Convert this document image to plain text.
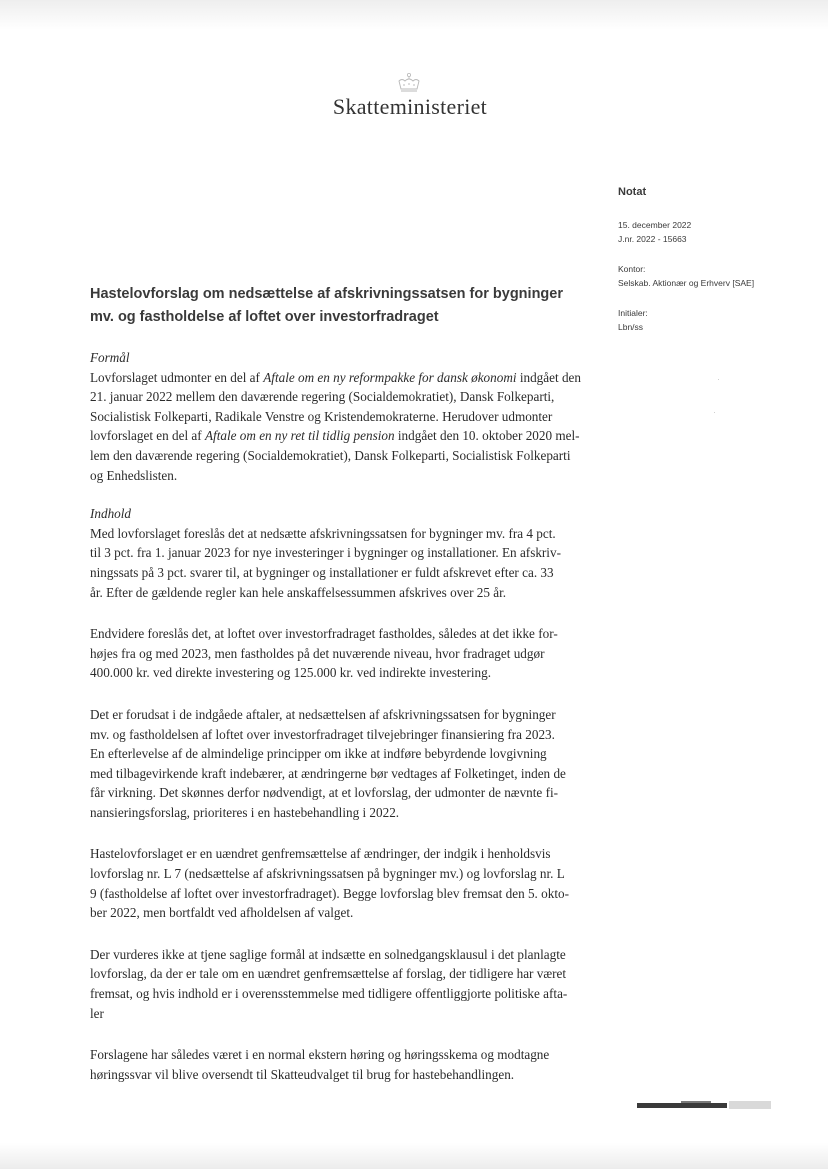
Skatteministeriet
Notat
15. december 2022
J.nr. 2022 - 15663
Kontor:
Selskab. Aktionær og Erhverv [SAE]
Initialer:
Lbn/ss
Hastelovforslag om nedsættelse af afskrivningssatsen for bygninger
mv. og fastholdelse af loftet over investorfradraget
Formål
Lovforslaget udmonter en del af Aftale om en ny reformpakke for dansk økonomi indgået den
21. januar 2022 mellem den daværende regering (Socialdemokratiet), Dansk Folkeparti,
Socialistisk Folkeparti, Radikale Venstre og Kristendemokraterne. Herudover udmonter
lovforslaget en del af Aftale om en ny ret til tidlig pension indgået den 10. oktober 2020 mel-
lem den daværende regering (Socialdemokratiet), Dansk Folkeparti, Socialistisk Folkeparti
og Enhedslisten.
Indhold
Med lovforslaget foreslås det at nedsætte afskrivningssatsen for bygninger mv. fra 4 pct.
til 3 pct. fra 1. januar 2023 for nye investeringer i bygninger og installationer. En afskriv-
ningssats på 3 pct. svarer til, at bygninger og installationer er fuldt afskrevet efter ca. 33
år. Efter de gældende regler kan hele anskaffelsessummen afskrives over 25 år.
Endvidere foreslås det, at loftet over investorfradraget fastholdes, således at det ikke for-
højes fra og med 2023, men fastholdes på det nuværende niveau, hvor fradraget udgør
400.000 kr. ved direkte investering og 125.000 kr. ved indirekte investering.
Det er forudsat i de indgåede aftaler, at nedsættelsen af afskrivningssatsen for bygninger
mv. og fastholdelsen af loftet over investorfradraget tilvejebringer finansiering fra 2023.
En efterlevelse af de almindelige principper om ikke at indføre bebyrdende lovgivning
med tilbagevirkende kraft indebærer, at ændringerne bør vedtages af Folketinget, inden de
får virkning. Det skønnes derfor nødvendigt, at et lovforslag, der udmonter de nævnte fi-
nansieringsforslag, prioriteres i en hastebehandling i 2022.
Hastelovforslaget er en uændret genfremsættelse af ændringer, der indgik i henholdsvis
lovforslag nr. L 7 (nedsættelse af afskrivningssatsen på bygninger mv.) og lovforslag nr. L
9 (fastholdelse af loftet over investorfradraget). Begge lovforslag blev fremsat den 5. okto-
ber 2022, men bortfaldt ved afholdelsen af valget.
Der vurderes ikke at tjene saglige formål at indsætte en solnedgangsklausul i det planlagte
lovforslag, da der er tale om en uændret genfremsættelse af forslag, der tidligere har været
fremsat, og hvis indhold er i overensstemmelse med tidligere offentliggjorte politiske afta-
ler
Forslagene har således været i en normal ekstern høring og høringsskema og modtagne
høringssvar vil blive oversendt til Skatteudvalget til brug for hastebehandlingen.
